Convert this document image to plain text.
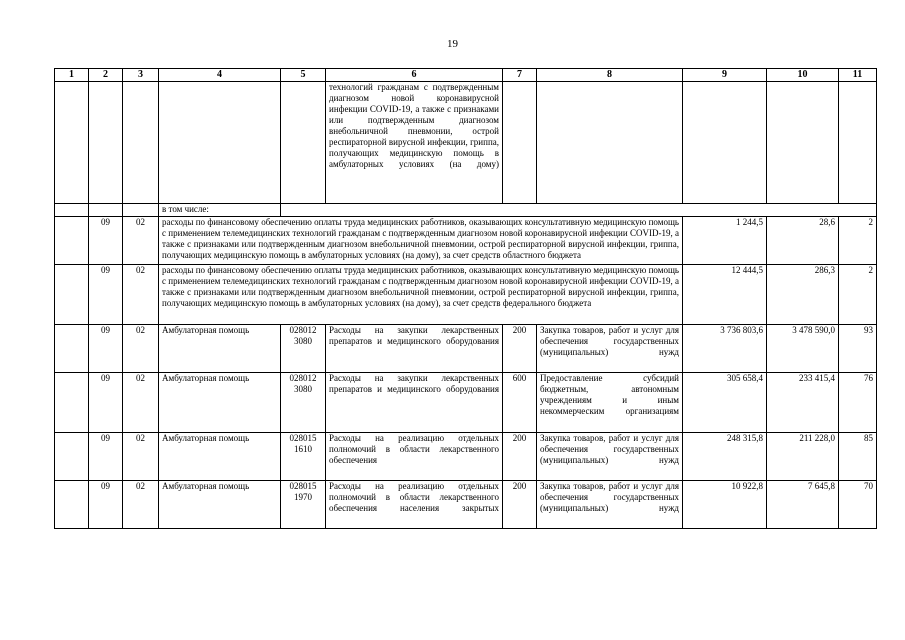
19
1	2	3	4	5	6	7	8	9	10	11
					технологий гражданам с подтвержденным диагнозом новой коронавирусной инфекции COVID-19, а также с признаками или подтвержденным диагнозом внебольничной пневмонии, острой респираторной вирусной инфекции, гриппа, получающих медицинскую помощь в амбулаторных условиях (на дому)					
			в том числе:							
	09	02	расходы по финансовому обеспечению оплаты труда медицинских работников, оказывающих консультативную медицинскую помощь с применением телемедицинских технологий гражданам с подтвержденным диагнозом новой коронавирусной инфекции COVID-19, а также с признаками или подтвержденным диагнозом внебольничной пневмонии, острой респираторной вирусной инфекции, гриппа, получающих медицинскую помощь в амбулаторных условиях (на дому), за счет средств областного бюджета					1 244,5	28,6	2
	09	02	расходы по финансовому обеспечению оплаты труда медицинских работников, оказывающих консультативную медицинскую помощь с применением телемедицинских технологий гражданам с подтвержденным диагнозом новой коронавирусной инфекции COVID-19, а также с признаками или подтвержденным диагнозом внебольничной пневмонии, острой респираторной вирусной инфекции, гриппа, получающих медицинскую помощь в амбулаторных условиях (на дому), за счет средств федерального бюджета					12 444,5	286,3	2
	09	02	Амбулаторная помощь	028012 3080	Расходы на закупки лекарственных препаратов и медицинского оборудования	200	Закупка товаров, работ и услуг для обеспечения государственных (муниципальных) нужд	3 736 803,6	3 478 590,0	93
	09	02	Амбулаторная помощь	028012 3080	Расходы на закупки лекарственных препаратов и медицинского оборудования	600	Предоставление субсидий бюджетным, автономным учреждениям и иным некоммерческим организациям	305 658,4	233 415,4	76
	09	02	Амбулаторная помощь	028015 1610	Расходы на реализацию отдельных полномочий в области лекарственного обеспечения	200	Закупка товаров, работ и услуг для обеспечения государственных (муниципальных) нужд	248 315,8	211 228,0	85
	09	02	Амбулаторная помощь	028015 1970	Расходы на реализацию отдельных полномочий в области лекарственного обеспечения населения закрытых	200	Закупка товаров, работ и услуг для обеспечения государственных (муниципальных) нужд	10 922,8	7 645,8	70
